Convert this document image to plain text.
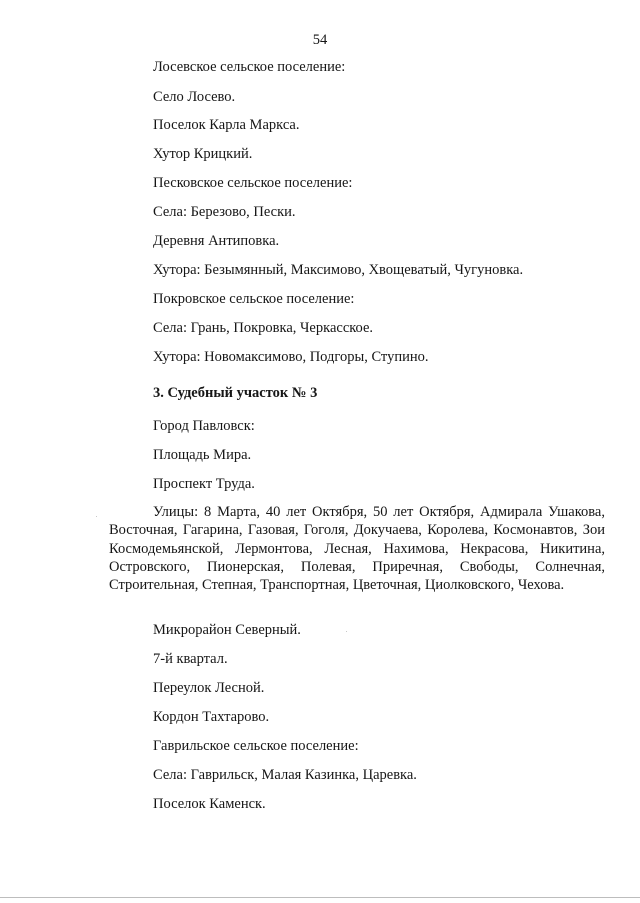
54
Лосевское сельское поселение:
Село Лосево.
Поселок Карла Маркса.
Хутор Крицкий.
Песковское сельское поселение:
Села: Березово, Пески.
Деревня Антиповка.
Хутора: Безымянный, Максимово, Хвощеватый, Чугуновка.
Покровское сельское поселение:
Села: Грань, Покровка, Черкасское.
Хутора: Новомаксимово, Подгоры, Ступино.
3. Судебный участок № 3
Город Павловск:
Площадь Мира.
Проспект Труда.

Улицы: 8 Марта, 40 лет Октября, 50 лет Октября, Адмирала Ушакова, Восточная, Гагарина, Газовая, Гоголя, Докучаева, Королева, Космонавтов, Зои Космодемьянской, Лермонтова, Лесная, Нахимова, Некрасова, Никитина, Островского, Пионерская, Полевая, Приречная, Свободы, Солнечная, Строительная, Степная, Транспортная, Цветочная, Циолковского, Чехова.

Микрорайон Северный.
7-й квартал.
Переулок Лесной.
Кордон Тахтарово.
Гаврильское сельское поселение:
Села: Гаврильск, Малая Казинка, Царевка.
Поселок Каменск.
